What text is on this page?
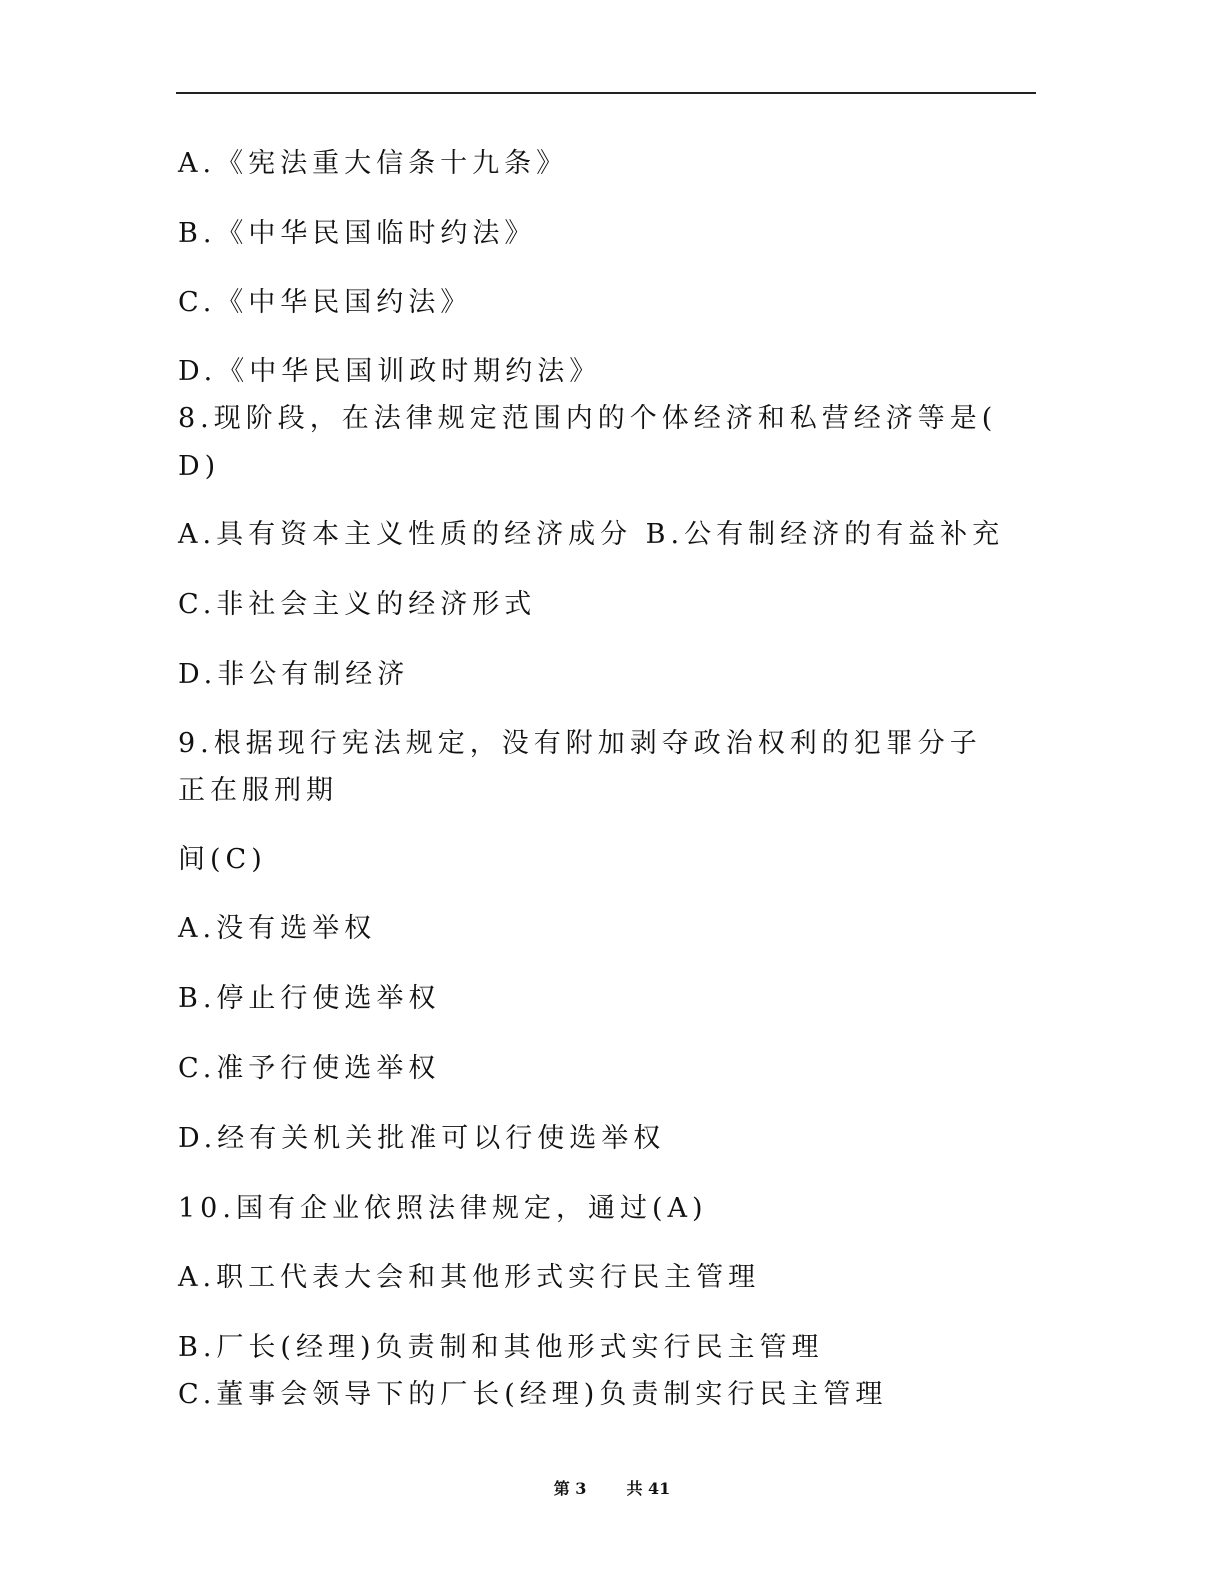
A.《宪法重大信条十九条》
B.《中华民国临时约法》
C.《中华民国约法》
D.《中华民国训政时期约法》
8.现阶段，在法律规定范围内的个体经济和私营经济等是(
D)
A.具有资本主义性质的经济成分 B.公有制经济的有益补充
C.非社会主义的经济形式
D.非公有制经济
9.根据现行宪法规定，没有附加剥夺政治权利的犯罪分子
正在服刑期
间(C)
A.没有选举权
B.停止行使选举权
C.准予行使选举权
D.经有关机关批准可以行使选举权
10.国有企业依照法律规定，通过(A)
A.职工代表大会和其他形式实行民主管理
B.厂长(经理)负责制和其他形式实行民主管理
C.董事会领导下的厂长(经理)负责制实行民主管理
第 3	共 41
